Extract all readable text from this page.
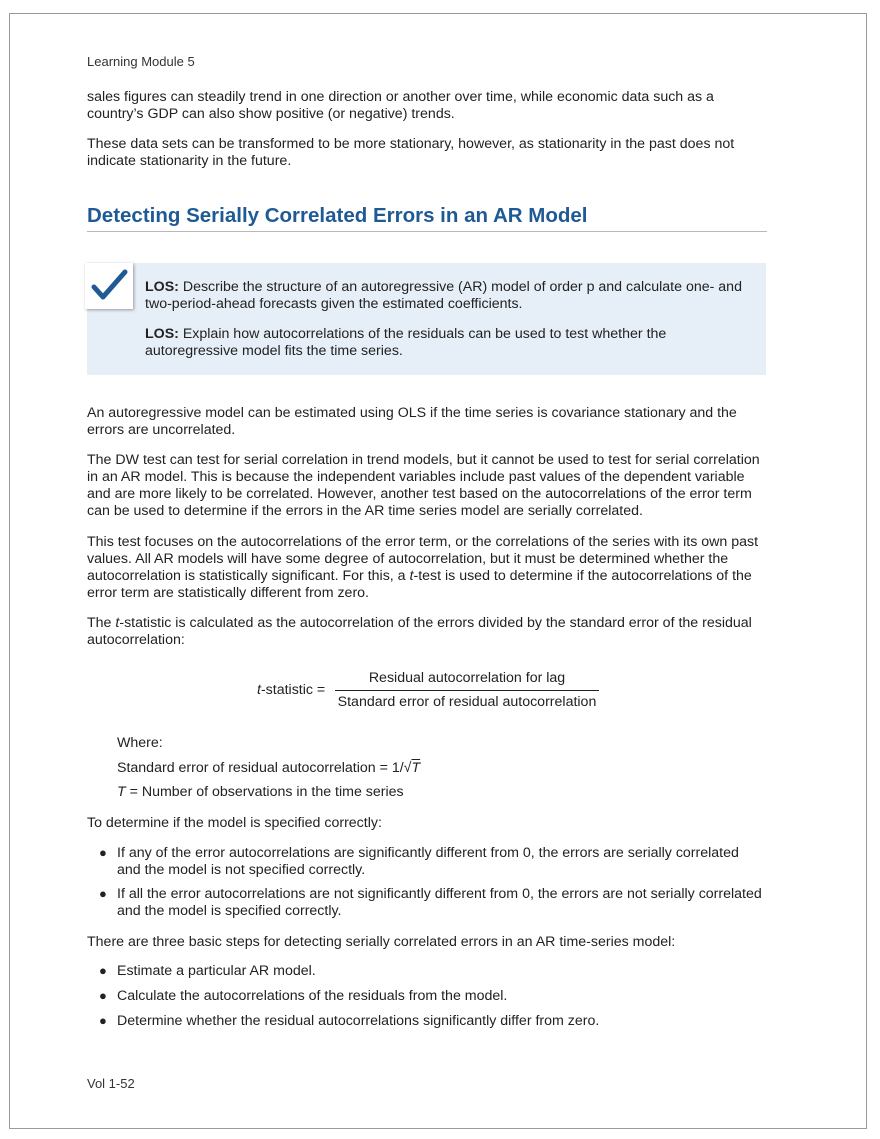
Learning Module 5

sales figures can steadily trend in one direction or another over time, while economic data such as a country’s GDP can also show positive (or negative) trends.

These data sets can be transformed to be more stationary, however, as stationarity in the past does not indicate stationarity in the future.

Detecting Serially Correlated Errors in an AR Model
LOS: Describe the structure of an autoregressive (AR) model of order p and calculate one- and two-period-ahead forecasts given the estimated coefficients.
LOS: Explain how autocorrelations of the residuals can be used to test whether the autoregressive model fits the time series.

An autoregressive model can be estimated using OLS if the time series is covariance stationary and the errors are uncorrelated.

The DW test can test for serial correlation in trend models, but it cannot be used to test for serial correlation in an AR model. This is because the independent variables include past values of the dependent variable and are more likely to be correlated. However, another test based on the autocorrelations of the error term can be used to determine if the errors in the AR time series model are serially correlated.

This test focuses on the autocorrelations of the error term, or the correlations of the series with its own past values. All AR models will have some degree of autocorrelation, but it must be determined whether the autocorrelation is statistically significant. For this, a t-test is used to determine if the autocorrelations of the error term are statistically different from zero.

The t-statistic is calculated as the autocorrelation of the errors divided by the standard error of the residual autocorrelation:

t-statistic =
Residual autocorrelation for lag
Standard error of residual autocorrelation
Where:
Standard error of residual autocorrelation = 1/√T
T = Number of observations in the time series

To determine if the model is specified correctly:

● If any of the error autocorrelations are significantly different from 0, the errors are serially correlated and the model is not specified correctly.
● If all the error autocorrelations are not significantly different from 0, the errors are not serially correlated and the model is specified correctly.

There are three basic steps for detecting serially correlated errors in an AR time-series model:

● Estimate a particular AR model.
● Calculate the autocorrelations of the residuals from the model.
● Determine whether the residual autocorrelations significantly differ from zero.
Vol 1-52
